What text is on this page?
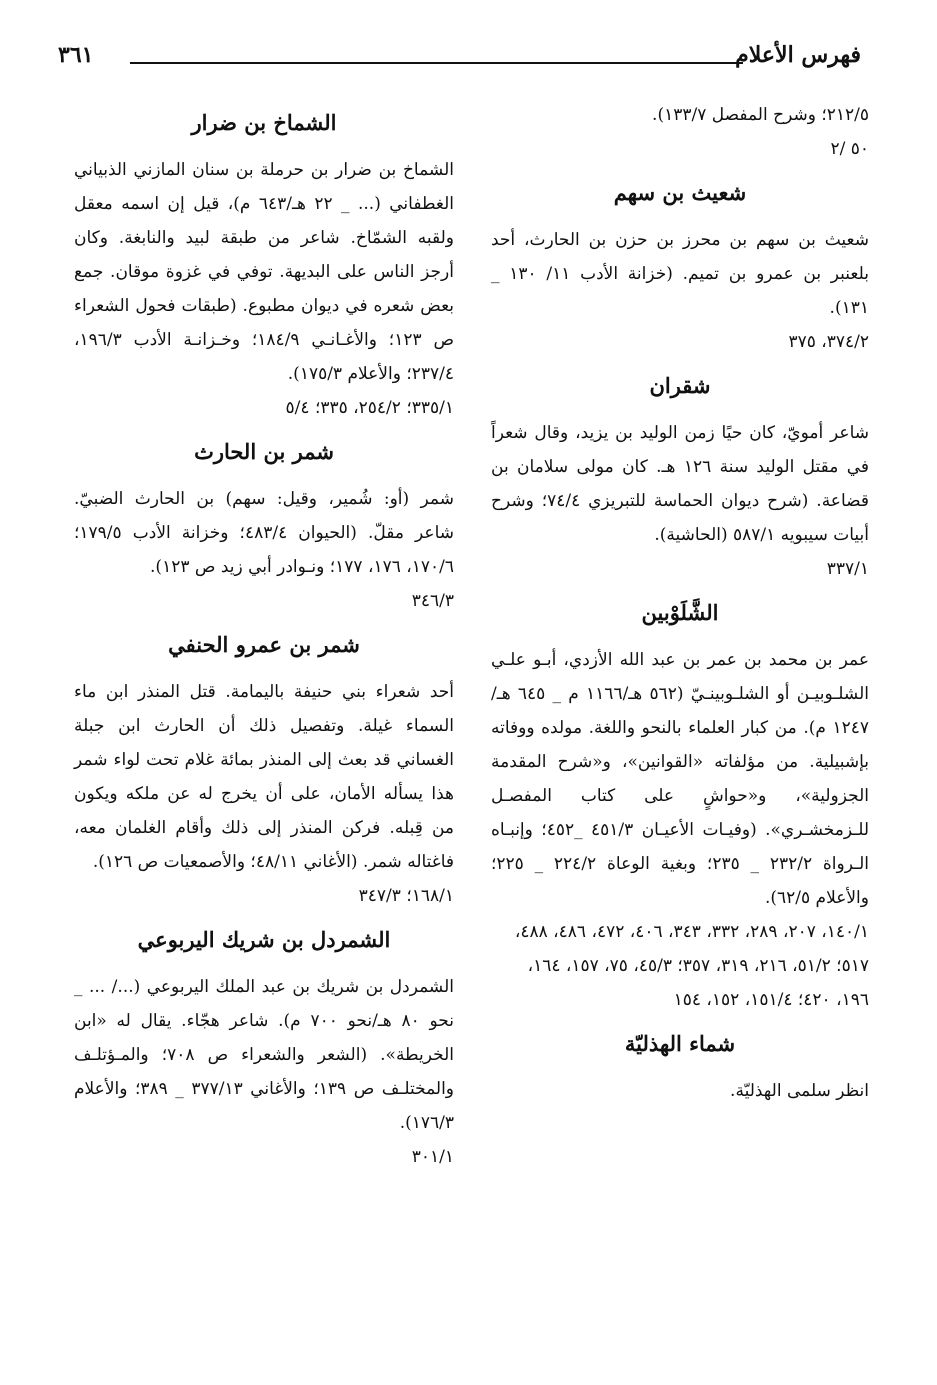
فهرس الأعلام
٣٦١

٢١٢/٥؛ وشرح المفصل ١٣٣/٧).

٥٠ /٢
شعيث بن سهم

شعيث بن سهم بن محرز بن حزن بن الحارث، أحد بلعنبر بن عمرو بن تميم. (خزانة الأدب ١١/ ١٣٠ _ ١٣١).

٣٧٤/٢، ٣٧٥
شقران

شاعر أمويّ، كان حيًا زمن الوليد بن يزيد، وقال شعراً في مقتل الوليد سنة ١٢٦ هـ. كان مولى سلامان بن قضاعة. (شرح ديوان الحماسة للتبريزي ٧٤/٤؛ وشرح أبيات سيبويه ٥٨٧/١ (الحاشية).

٣٣٧/١
الشَّلَوْبين

عمر بن محمد بن عمر بن عبد الله الأزدي، أبـو علـي الشلـوبيـن أو الشلـوبينـيّ (٥٦٢ هـ/١١٦٦ م _ ٦٤٥ هـ/١٢٤٧ م). من كبار العلماء بالنحو واللغة. مولده ووفاته بإشبيلية. من مؤلفاته «القوانين»، و«شرح المقدمة الجزولية»، و«حواشٍ على كتاب المفصـل للـزمخشـري». (وفيـات الأعيـان ٤٥١/٣ _٤٥٢؛ وإنبـاه الـرواة ٢٣٢/٢ _ ٢٣٥؛ وبغية الوعاة ٢٢٤/٢ _ ٢٢٥؛ والأعلام ٦٢/٥).

١٤٠/١، ٢٠٧، ٢٨٩، ٣٣٢، ٣٤٣، ٤٠٦، ٤٧٢، ٤٨٦، ٤٨٨، ٥١٧؛ ٥١/٢، ٢١٦، ٣١٩، ٣٥٧؛ ٤٥/٣، ٧٥، ١٥٧، ١٦٤، ١٩٦، ٤٢٠؛ ١٥١/٤، ١٥٢، ١٥٤
شماء الهذليّة

انظر سلمى الهذليّة.

الشماخ بن ضرار

الشماخ بن ضرار بن حرملة بن سنان المازني الذبياني الغطفاني (... _ ٢٢ هـ/٦٤٣ م)، قيل إن اسمه معقل ولقبه الشمّاخ. شاعر من طبقة لبيد والنابغة. وكان أرجز الناس على البديهة. توفي في غزوة موقان. جمع بعض شعره في ديوان مطبوع. (طبقات فحول الشعراء ص ١٢٣؛ والأغـانـي ١٨٤/٩؛ وخـزانـة الأدب ١٩٦/٣، ٢٣٧/٤؛ والأعلام ١٧٥/٣).

٣٣٥/١؛ ٢٥٤/٢، ٣٣٥؛ ٥/٤
شمر بن الحارث

شمر (أو: شُمير، وقيل: سهم) بن الحارث الضبيّ. شاعر مقلّ. (الحيوان ٤٨٣/٤؛ وخزانة الأدب ١٧٩/٥؛ ١٧٠/٦، ١٧٦، ١٧٧؛ ونـوادر أبي زيد ص ١٢٣).

٣٤٦/٣
شمر بن عمرو الحنفي

أحد شعراء بني حنيفة باليمامة. قتل المنذر ابن ماء السماء غيلة. وتفصيل ذلك أن الحارث ابن جبلة الغساني قد بعث إلى المنذر بمائة غلام تحت لواء شمر هذا يسأله الأمان، على أن يخرج له عن ملكه ويكون من قِبله. فركن المنذر إلى ذلك وأقام الغلمان معه، فاغتاله شمر. (الأغاني ٤٨/١١؛ والأصمعيات ص ١٢٦).

١٦٨/١؛ ٣٤٧/٣
الشمردل بن شريك اليربوعي

الشمردل بن شريك بن عبد الملك اليربوعي (.../ ... _ نحو ٨٠ هـ/نحو ٧٠٠ م). شاعر هجّاء. يقال له «ابن الخريطة». (الشعر والشعراء ص ٧٠٨؛ والمـؤتلـف والمختلـف ص ١٣٩؛ والأغاني ٣٧٧/١٣ _ ٣٨٩؛ والأعلام ١٧٦/٣).

٣٠١/١
